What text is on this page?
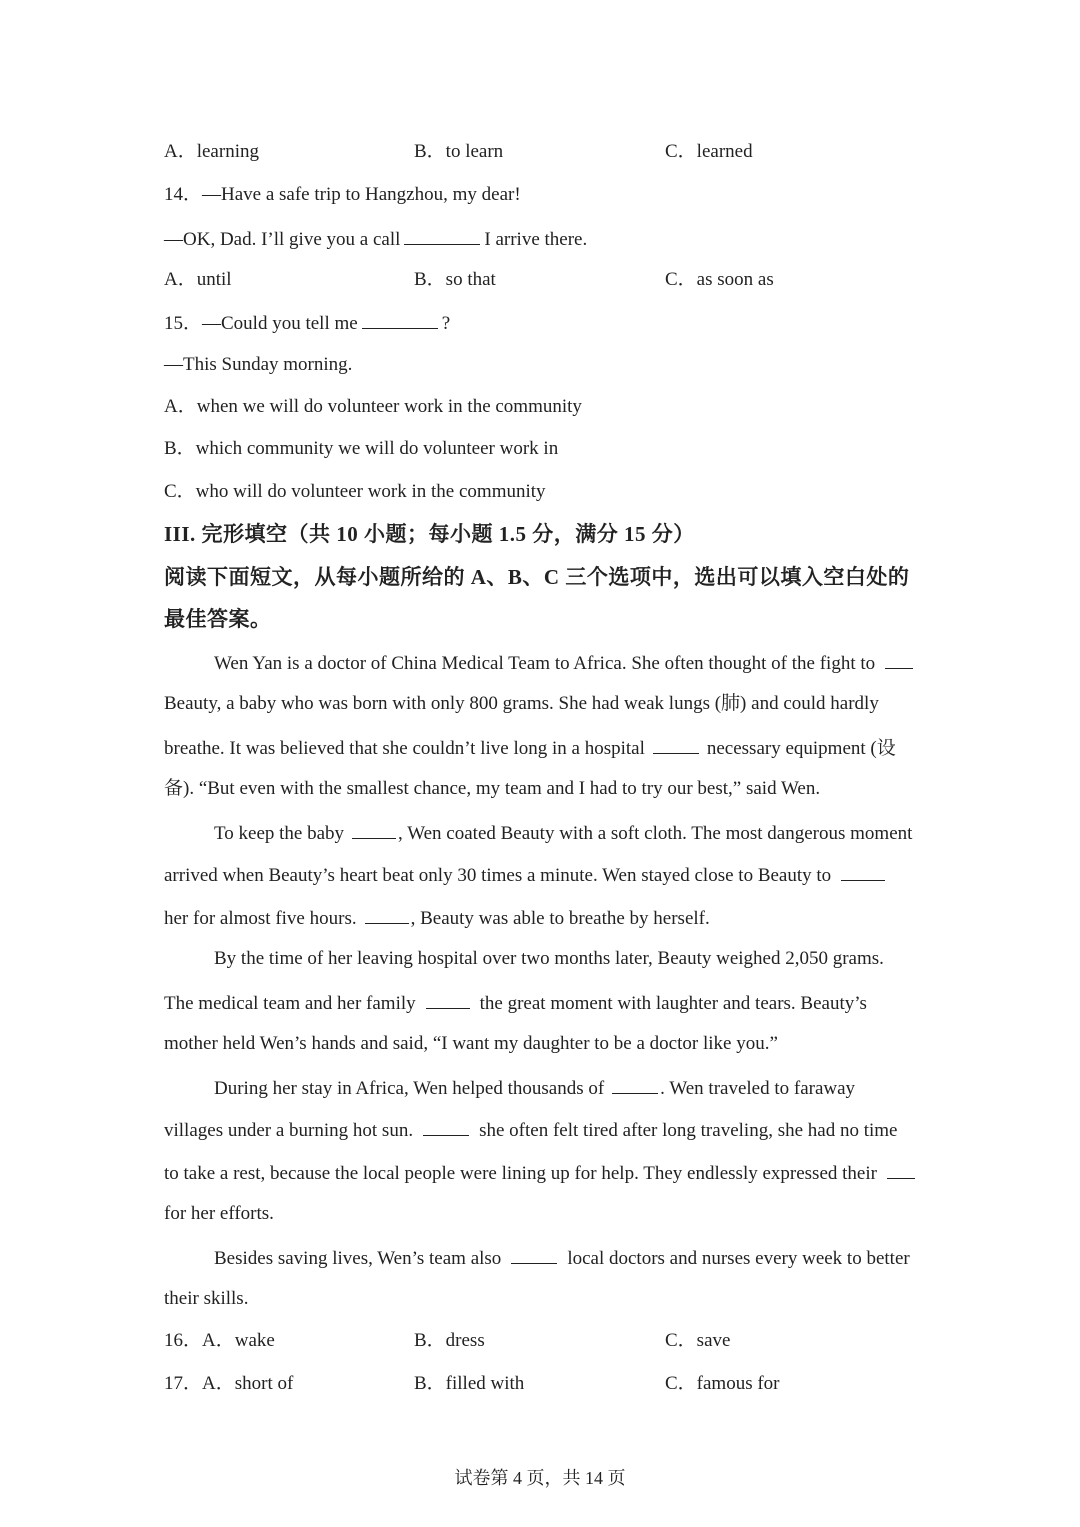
A．learning	B．to learn	C．learned
14．—Have a safe trip to Hangzhou, my dear!
—OK, Dad. I’ll give you a call	I arrive there.
A．until	B．so that	C．as soon as
15．—Could you tell me	?
—This Sunday morning.
A．when we will do volunteer work in the community
B．which community we will do volunteer work in
C．who will do volunteer work in the community
III. 完形填空（共 10 小题；每小题 1.5 分，满分 15 分）
阅读下面短文，从每小题所给的 A、B、C 三个选项中，选出可以填入空白处的
最佳答案。
Wen Yan is a doctor of China Medical Team to Africa. She often thought of the fight to
Beauty, a baby who was born with only 800 grams. She had weak lungs (肺) and could hardly
breathe. It was believed that she couldn’t live long in a hospital	necessary equipment (设
备). “But even with the smallest chance, my team and I had to try our best,” said Wen.
To keep the baby	, Wen coated Beauty with a soft cloth. The most dangerous moment
arrived when Beauty’s heart beat only 30 times a minute. Wen stayed close to Beauty to
her for almost five hours.	, Beauty was able to breathe by herself.
By the time of her leaving hospital over two months later, Beauty weighed 2,050 grams.
The medical team and her family	the great moment with laughter and tears. Beauty’s
mother held Wen’s hands and said, “I want my daughter to be a doctor like you.”
During her stay in Africa, Wen helped thousands of	. Wen traveled to faraway
villages under a burning hot sun.	she often felt tired after long traveling, she had no time
to take a rest, because the local people were lining up for help. They endlessly expressed their
for her efforts.
Besides saving lives, Wen’s team also	local doctors and nurses every week to better
their skills.
16．A．wake	B．dress	C．save
17．A．short of	B．filled with	C．famous for
试卷第 4 页，共 14 页
